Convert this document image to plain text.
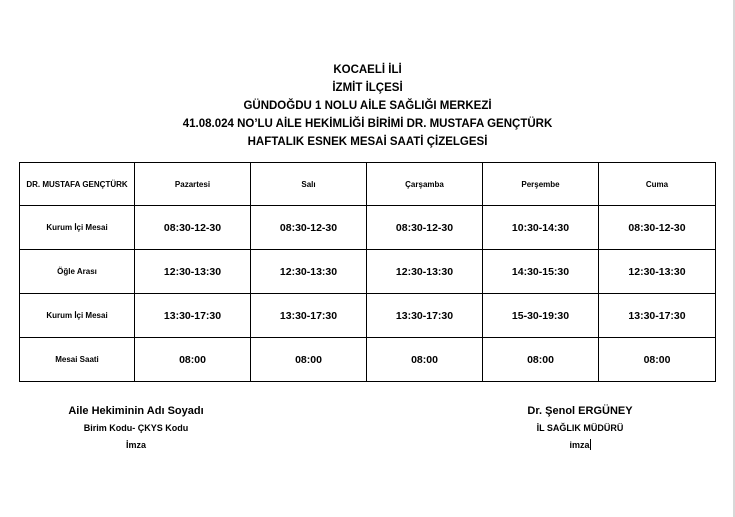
KOCAELİ İLİ
İZMİT İLÇESİ
GÜNDOĞDU 1 NOLU AİLE SAĞLIĞI MERKEZİ
41.08.024 NO’LU AİLE HEKİMLİĞİ BİRİMİ DR. MUSTAFA GENÇTÜRK
HAFTALIK ESNEK MESAİ SAATİ ÇİZELGESİ
DR. MUSTAFA GENÇTÜRK	Pazartesi	Salı	Çarşamba	Perşembe	Cuma
Kurum İçi Mesai	08:30-12-30	08:30-12-30	08:30-12-30	10:30-14:30	08:30-12-30
Öğle Arası	12:30-13:30	12:30-13:30	12:30-13:30	14:30-15:30	12:30-13:30
Kurum İçi Mesai	13:30-17:30	13:30-17:30	13:30-17:30	15-30-19:30	13:30-17:30
Mesai Saati	08:00	08:00	08:00	08:00	08:00
Aile Hekiminin Adı Soyadı
Birim Kodu- ÇKYS Kodu
İmza
Dr. Şenol ERGÜNEY
İL SAĞLIK MÜDÜRÜ
imza
